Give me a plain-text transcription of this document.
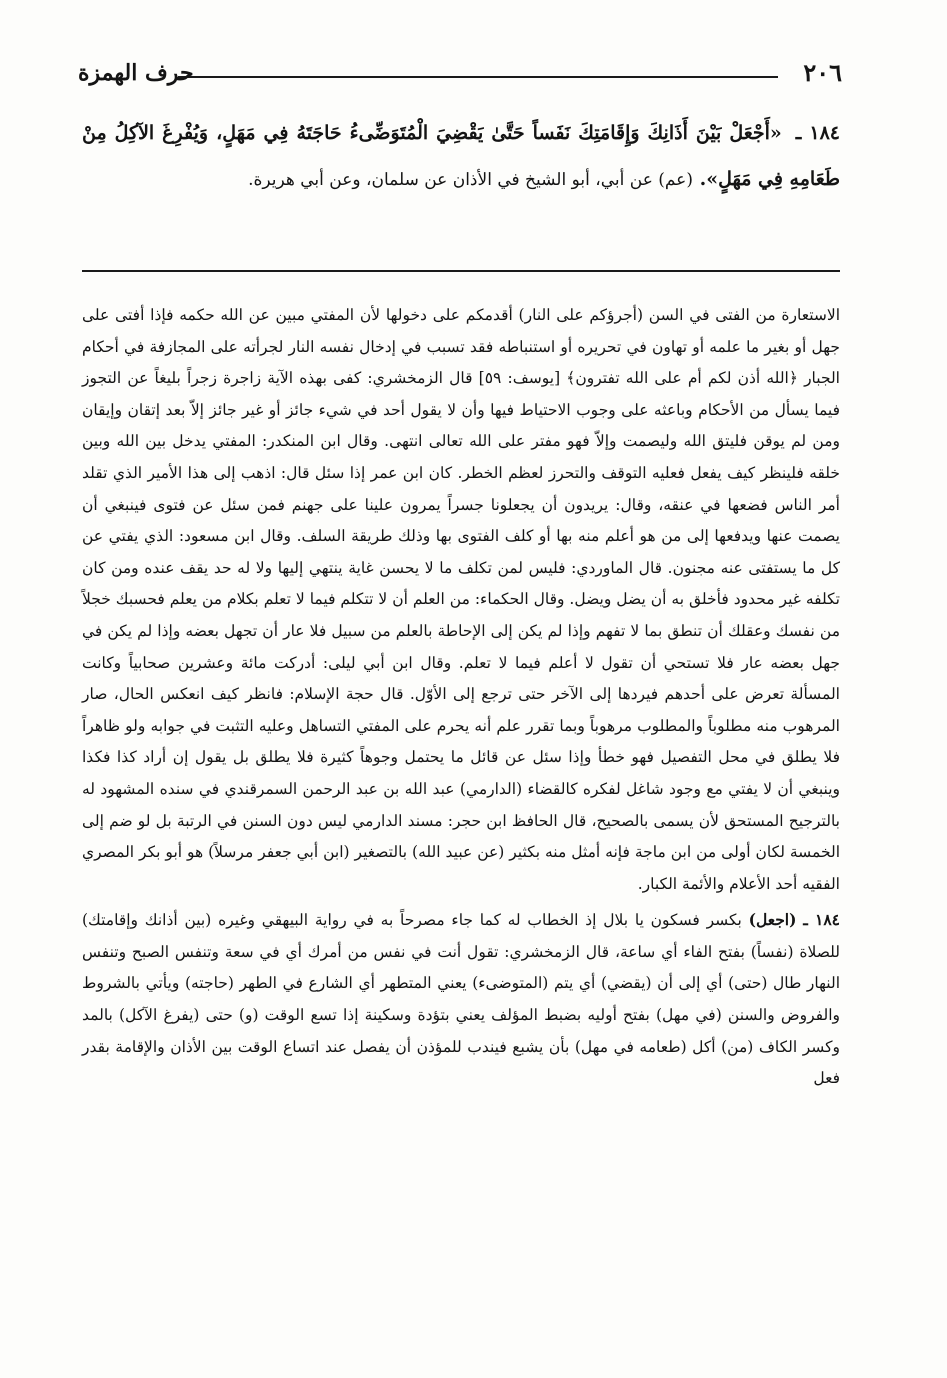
٢٠٦
حرف الهمزة
١٨٤ ـ «أَجْعَلْ بَيْنَ أَذَانِكَ وَإِقَامَتِكَ نَفَساً حَتَّىٰ يَقْضِيَ الْمُتَوَضِّىءُ حَاجَتَهُ فِي مَهَلٍ، وَيُفْرِغَ الآكِلُ مِنْ طَعَامِهِ فِي مَهَلٍ». (عم) عن أبي، أبو الشيخ في الأذان عن سلمان، وعن أبي هريرة.

الاستعارة من الفتى في السن (أجرؤكم على النار) أقدمكم على دخولها لأن المفتي مبين عن الله حكمه فإذا أفتى على جهل أو بغير ما علمه أو تهاون في تحريره أو استنباطه فقد تسبب في إدخال نفسه النار لجرأته على المجازفة في أحكام الجبار ﴿الله أذن لكم أم على الله تفترون﴾ [يوسف: ٥٩] قال الزمخشري: كفى بهذه الآية زاجرة زجراً بليغاً عن التجوز فيما يسأل من الأحكام وباعثه على وجوب الاحتياط فيها وأن لا يقول أحد في شيء جائز أو غير جائز إلاّ بعد إتقان وإيقان ومن لم يوقن فليتق الله وليصمت وإلاّ فهو مفتر على الله تعالى انتهى. وقال ابن المنكدر: المفتي يدخل بين الله وبين خلقه فلينظر كيف يفعل فعليه التوقف والتحرز لعظم الخطر. كان ابن عمر إذا سئل قال: اذهب إلى هذا الأمير الذي تقلد أمر الناس فضعها في عنقه، وقال: يريدون أن يجعلونا جسراً يمرون علينا على جهنم فمن سئل عن فتوى فينبغي أن يصمت عنها ويدفعها إلى من هو أعلم منه بها أو كلف الفتوى بها وذلك طريقة السلف. وقال ابن مسعود: الذي يفتي عن كل ما يستفتى عنه مجنون. قال الماوردي: فليس لمن تكلف ما لا يحسن غاية ينتهي إليها ولا له حد يقف عنده ومن كان تكلفه غير محدود فأخلق به أن يضل ويضل. وقال الحكماء: من العلم أن لا تتكلم فيما لا تعلم بكلام من يعلم فحسبك خجلاً من نفسك وعقلك أن تنطق بما لا تفهم وإذا لم يكن إلى الإحاطة بالعلم من سبيل فلا عار أن تجهل بعضه وإذا لم يكن في جهل بعضه عار فلا تستحي أن تقول لا أعلم فيما لا تعلم. وقال ابن أبي ليلى: أدركت مائة وعشرين صحابياً وكانت المسألة تعرض على أحدهم فيردها إلى الآخر حتى ترجع إلى الأوّل. قال حجة الإسلام: فانظر كيف انعكس الحال، صار المرهوب منه مطلوباً والمطلوب مرهوباً وبما تقرر علم أنه يحرم على المفتي التساهل وعليه التثبت في جوابه ولو ظاهراً فلا يطلق في محل التفصيل فهو خطأ وإذا سئل عن قائل ما يحتمل وجوهاً كثيرة فلا يطلق بل يقول إن أراد كذا فكذا وينبغي أن لا يفتي مع وجود شاغل لفكره كالقضاء (الدارمي) عبد الله بن عبد الرحمن السمرقندي في سنده المشهود له بالترجيح المستحق لأن يسمى بالصحيح، قال الحافظ ابن حجر: مسند الدارمي ليس دون السنن في الرتبة بل لو ضم إلى الخمسة لكان أولى من ابن ماجة فإنه أمثل منه بكثير (عن عبيد الله) بالتصغير (ابن أبي جعفر مرسلاً) هو أبو بكر المصري الفقيه أحد الأعلام والأئمة الكبار.

١٨٤ ـ (اجعل) بكسر فسكون يا بلال إذ الخطاب له كما جاء مصرحاً به في رواية البيهقي وغيره (بين أذانك وإقامتك) للصلاة (نفساً) بفتح الفاء أي ساعة، قال الزمخشري: تقول أنت في نفس من أمرك أي في سعة وتنفس الصبح وتنفس النهار طال (حتى) أي إلى أن (يقضي) أي يتم (المتوضىء) يعني المتطهر أي الشارع في الطهر (حاجته) ويأتي بالشروط والفروض والسنن (في مهل) بفتح أوليه بضبط المؤلف يعني بتؤدة وسكينة إذا تسع الوقت (و) حتى (يفرغ الآكل) بالمد وكسر الكاف (من) أكل (طعامه في مهل) بأن يشبع فيندب للمؤذن أن يفصل عند اتساع الوقت بين الأذان والإقامة بقدر فعل
